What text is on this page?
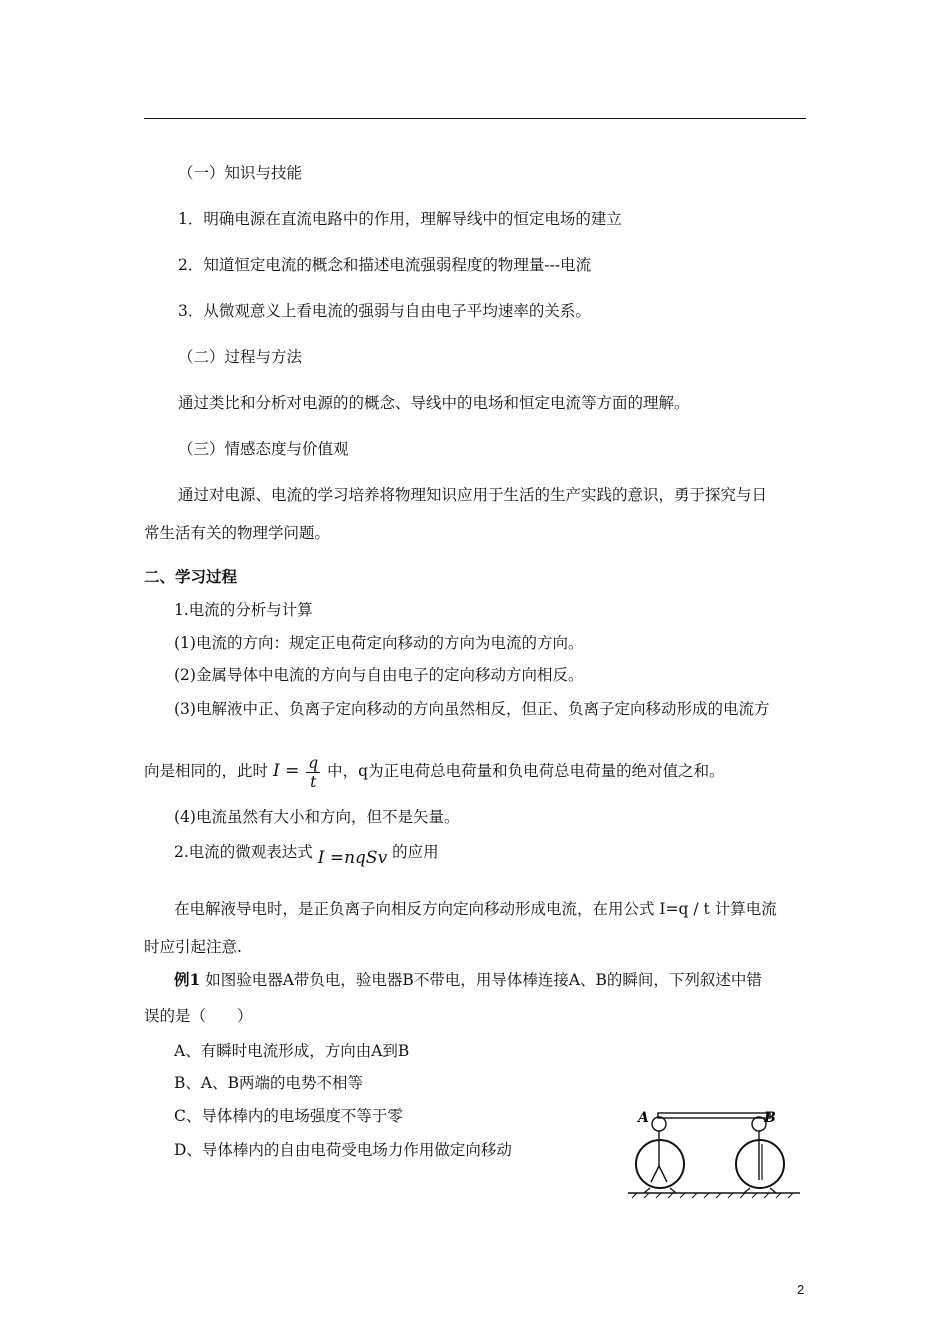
（一）知识与技能
1．明确电源在直流电路中的作用，理解导线中的恒定电场的建立
2．知道恒定电流的概念和描述电流强弱程度的物理量---电流
3．从微观意义上看电流的强弱与自由电子平均速率的关系。
（二）过程与方法
通过类比和分析对电源的的概念、导线中的电场和恒定电流等方面的理解。
（三）情感态度与价值观
通过对电源、电流的学习培养将物理知识应用于生活的生产实践的意识，勇于探究与日
常生活有关的物理学问题。
二、学习过程
1.电流的分析与计算
(1)电流的方向：规定正电荷定向移动的方向为电流的方向。
(2)金属导体中电流的方向与自由电子的定向移动方向相反。
(3)电解液中正、负离子定向移动的方向虽然相反，但正、负离子定向移动形成的电流方
向是相同的，此时 $I = \frac{q}{t}$ 中，q为正电荷总电荷量和负电荷总电荷量的绝对值之和。
(4)电流虽然有大小和方向，但不是矢量。
2.电流的微观表达式 I =nqSv 的应用
在电解液导电时，是正负离子向相反方向定向移动形成电流，在用公式 I=q / t 计算电流
时应引起注意.
例1 如图验电器A带负电，验电器B不带电，用导体棒连接A、B的瞬间，下列叙述中错
误的是（　　）
A、有瞬时电流形成，方向由A到B
B、A、B两端的电势不相等
C、导体棒内的电场强度不等于零
D、导体棒内的自由电荷受电场力作用做定向移动
A	B
2
